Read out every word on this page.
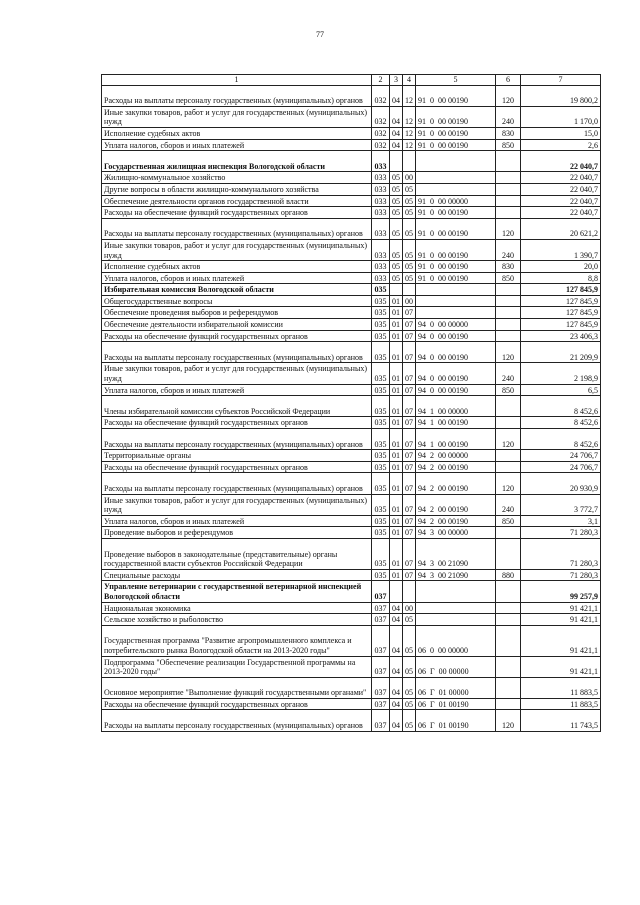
77
1	2	3	4	5	6	7
Расходы на выплаты персоналу государственных (муниципальных) органов	032	04	12	91  0  00 00190	120	19 800,2
Иные закупки товаров, работ и услуг для государственных (муниципальных) нужд	032	04	12	91  0  00 00190	240	1 170,0
Исполнение судебных актов	032	04	12	91  0  00 00190	830	15,0
Уплата налогов, сборов и иных платежей	032	04	12	91  0  00 00190	850	2,6
Государственная жилищная инспекция Вологодской области	033					22 040,7
Жилищно-коммунальное хозяйство	033	05	00			22 040,7
Другие вопросы в области жилищно-коммунального хозяйства	033	05	05			22 040,7
Обеспечение деятельности органов государственной власти	033	05	05	91  0  00 00000		22 040,7
Расходы на обеспечение функций государственных органов	033	05	05	91  0  00 00190		22 040,7
Расходы на выплаты персоналу государственных (муниципальных) органов	033	05	05	91  0  00 00190	120	20 621,2
Иные закупки товаров, работ и услуг для государственных (муниципальных) нужд	033	05	05	91  0  00 00190	240	1 390,7
Исполнение судебных актов	033	05	05	91  0  00 00190	830	20,0
Уплата налогов, сборов и иных платежей	033	05	05	91  0  00 00190	850	8,8
Избирательная комиссия Вологодской области	035					127 845,9
Общегосударственные вопросы	035	01	00			127 845,9
Обеспечение проведения выборов и референдумов	035	01	07			127 845,9
Обеспечение деятельности избирательной комиссии	035	01	07	94  0  00 00000		127 845,9
Расходы на обеспечение функций государственных органов	035	01	07	94  0  00 00190		23 406,3
Расходы на выплаты персоналу государственных (муниципальных) органов	035	01	07	94  0  00 00190	120	21 209,9
Иные закупки товаров, работ и услуг для государственных (муниципальных) нужд	035	01	07	94  0  00 00190	240	2 198,9
Уплата налогов, сборов и иных платежей	035	01	07	94  0  00 00190	850	6,5
Члены избирательной комиссии субъектов Российской Федерации	035	01	07	94  1  00 00000		8 452,6
Расходы на обеспечение функций государственных органов	035	01	07	94  1  00 00190		8 452,6
Расходы на выплаты персоналу государственных (муниципальных) органов	035	01	07	94  1  00 00190	120	8 452,6
Территориальные органы	035	01	07	94  2  00 00000		24 706,7
Расходы на обеспечение функций государственных органов	035	01	07	94  2  00 00190		24 706,7
Расходы на выплаты персоналу государственных (муниципальных) органов	035	01	07	94  2  00 00190	120	20 930,9
Иные закупки товаров, работ и услуг для государственных (муниципальных) нужд	035	01	07	94  2  00 00190	240	3 772,7
Уплата налогов, сборов и иных платежей	035	01	07	94  2  00 00190	850	3,1
Проведение выборов и референдумов	035	01	07	94  3  00 00000		71 280,3
Проведение выборов в законодательные (представительные) органы государственной власти субъектов Российской Федерации	035	01	07	94  3  00 21090		71 280,3
Специальные расходы	035	01	07	94  3  00 21090	880	71 280,3
Управление ветеринарии с государственной ветеринарной инспекцией Вологодской области	037					99 257,9
Национальная экономика	037	04	00			91 421,1
Сельское хозяйство и рыболовство	037	04	05			91 421,1
Государственная программа "Развитие агропромышленного комплекса и потребительского рынка Вологодской области на 2013-2020 годы"	037	04	05	06  0  00 00000		91 421,1
Подпрограмма "Обеспечение реализации Государственной программы на 2013-2020 годы"	037	04	05	06  Г  00 00000		91 421,1
Основное мероприятие "Выполнение функций государственными органами"	037	04	05	06  Г  01 00000		11 883,5
Расходы на обеспечение функций государственных органов	037	04	05	06  Г  01 00190		11 883,5
Расходы на выплаты персоналу государственных (муниципальных) органов	037	04	05	06  Г  01 00190	120	11 743,5
